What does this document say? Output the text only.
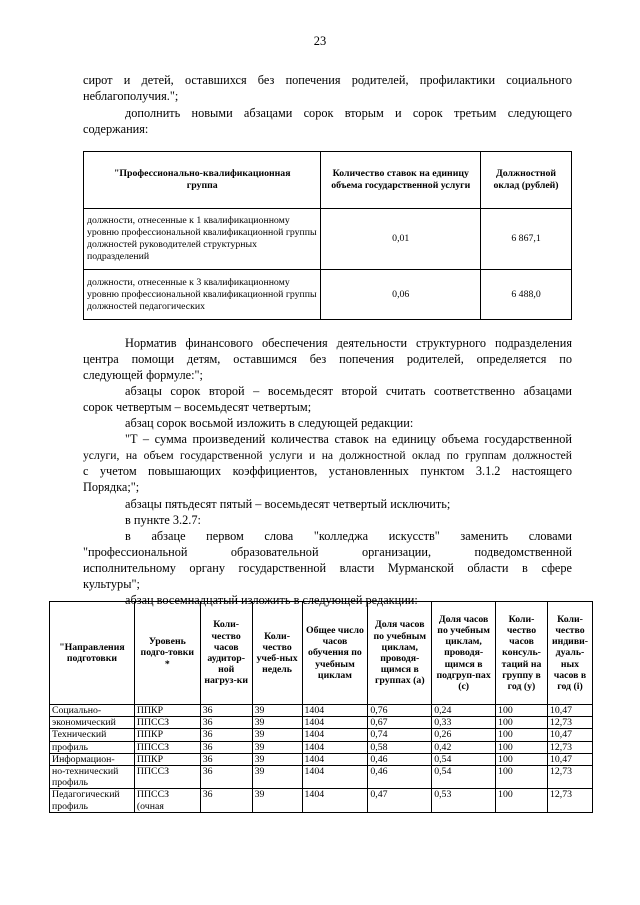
23
сирот и детей, оставшихся без попечения родителей, профилактики социального
неблагополучия.";
дополнить новыми абзацами сорок вторым и сорок третьим следующего
содержания:
"Профессионально-квалификационная группа	Количество ставок на единицу объема государственной услуги	Должностной оклад (рублей)
должности, отнесенные к 1 квалификационному уровню профессиональной квалификационной группы должностей руководителей структурных подразделений	0,01	6 867,1
должности, отнесенные к 3 квалификационному уровню профессиональной квалификационной группы должностей педагогических	0,06	6 488,0
Норматив финансового обеспечения деятельности структурного подразделения
центра помощи детям, оставшимся без попечения родителей, определяется по
следующей формуле:";
абзацы сорок второй – восемьдесят второй считать соответственно абзацами
сорок четвертым – восемьдесят четвертым;
абзац сорок восьмой изложить в следующей редакции:
"T – сумма произведений количества ставок на единицу объема государственной
услуги, на объем государственной услуги и на должностной оклад по группам должностей
с учетом повышающих коэффициентов, установленных пунктом 3.1.2 настоящего
Порядка;";
абзацы пятьдесят пятый – восемьдесят четвертый исключить;
в пункте 3.2.7:
в абзаце первом слова "колледжа искусств" заменить словами
"профессиональной образовательной организации, подведомственной
исполнительному органу государственной власти Мурманской области в сфере
культуры";
абзац восемнадцатый изложить в следующей редакции:
"Направления подготовки	Уровень подго-товки *	Коли-чество часов аудитор-ной нагруз-ки	Коли-чество учеб-ных недель	Общее число часов обучения по учебным циклам	Доля часов по учебным циклам, проводя-щимся в группах (а)	Доля часов по учебным циклам, проводя-щимся в подгруп-пах (с)	Коли-чество часов консуль-таций на группу в год (у)	Коли-чество индиви-дуаль-ных часов в год (i)
Социально-	ППКР	36	39	1404	0,76	0,24	100	10,47
экономический	ППССЗ	36	39	1404	0,67	0,33	100	12,73
Технический	ППКР	36	39	1404	0,74	0,26	100	10,47
профиль	ППССЗ	36	39	1404	0,58	0,42	100	12,73
Информацион-	ППКР	36	39	1404	0,46	0,54	100	10,47
но-технический профиль	ППССЗ	36	39	1404	0,46	0,54	100	12,73
Педагогический профиль	ППССЗ (очная	36	39	1404	0,47	0,53	100	12,73
